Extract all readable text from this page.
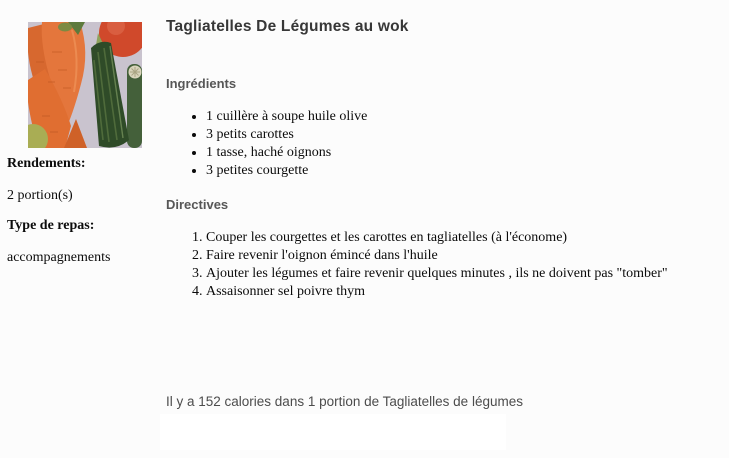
Rendements:
2 portion(s)
Type de repas:
accompagnements
Tagliatelles De Légumes au wok
Ingrédients
• 1 cuillère à soupe huile olive
• 3 petits carottes
• 1 tasse, haché oignons
• 3 petites courgette
Directives
1. Couper les courgettes et les carottes en tagliatelles (à l'économe)
2. Faire revenir l'oignon émincé dans l'huile
3. Ajouter les légumes et faire revenir quelques minutes , ils ne doivent pas "tomber"
4. Assaisonner sel poivre thym

Il y a 152 calories dans 1 portion de Tagliatelles de légumes
